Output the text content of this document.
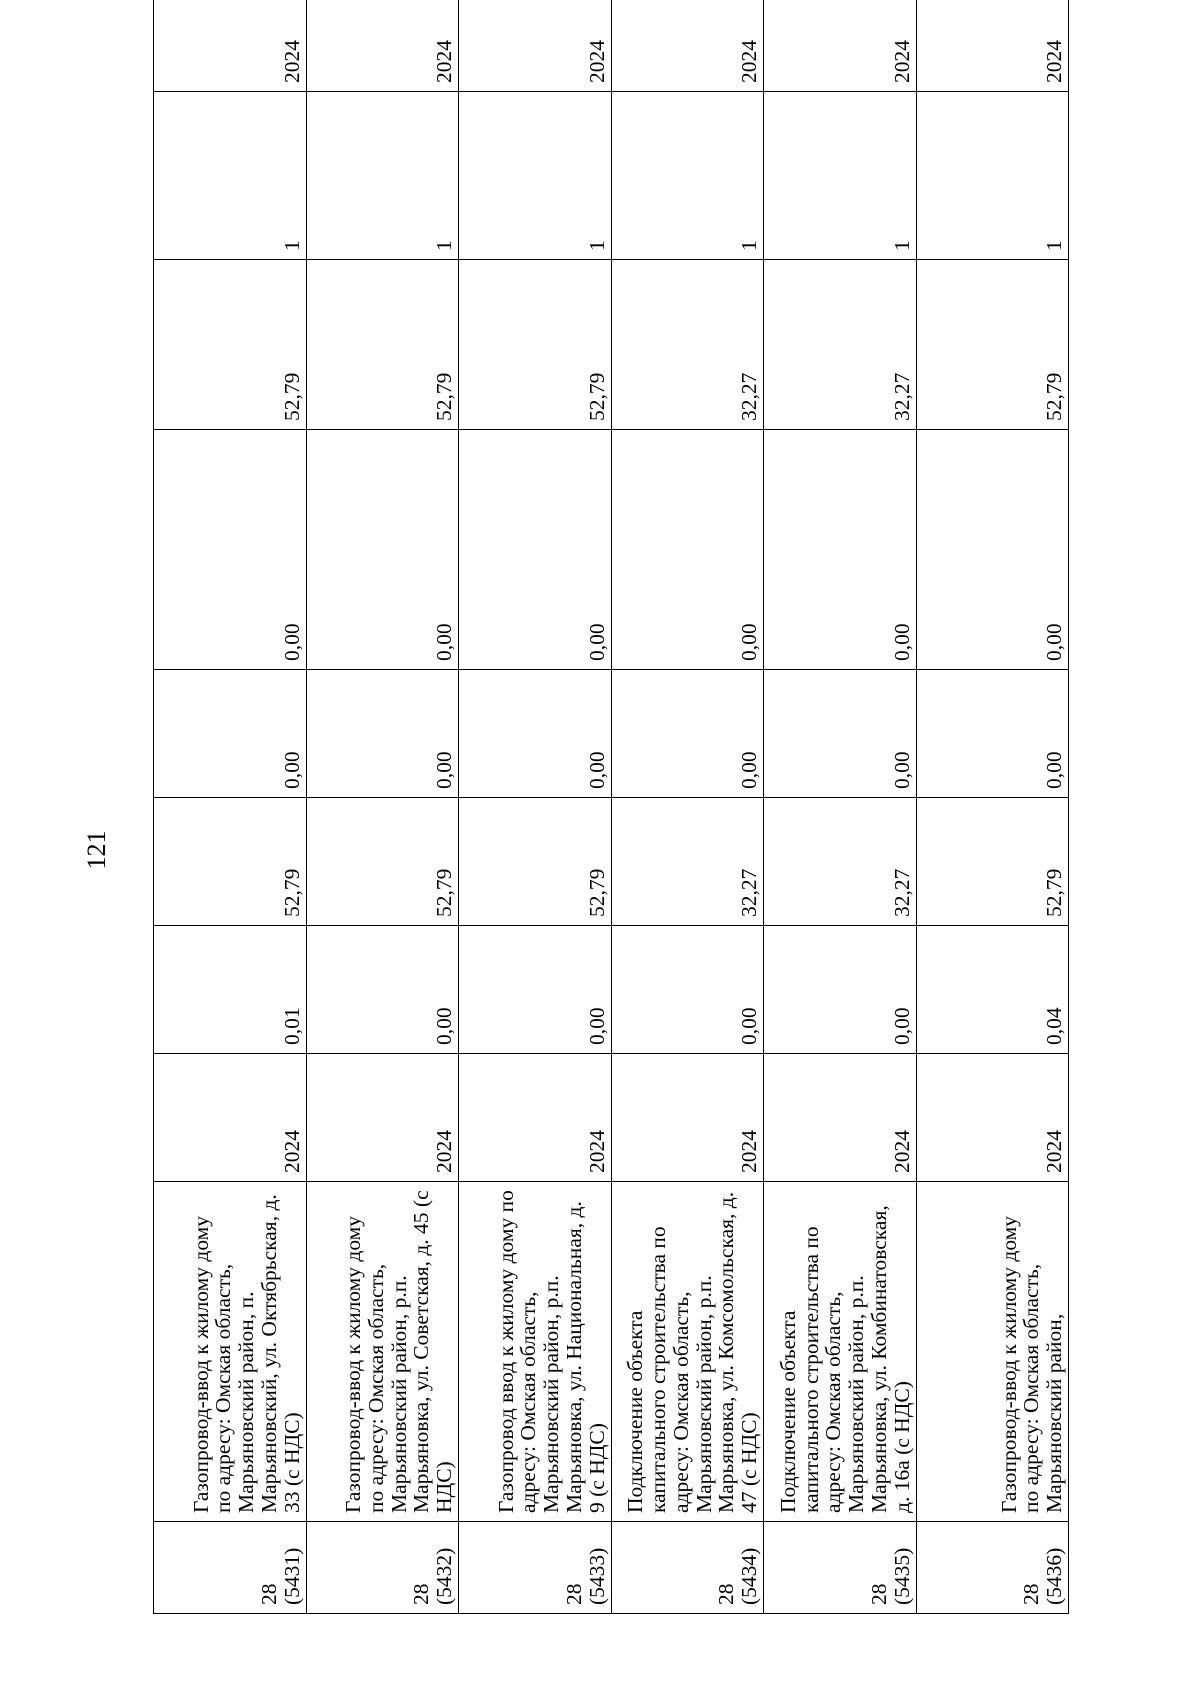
121
28
(5431)	Газопровод-ввод к жилому дому по адресу: Омская область, Марьяновский район, п. Марьяновский, ул. Октябрьская, д. 33 (с НДС)	2024	0,01	52,79	0,00	0,00	52,79	1	2024	

28
(5432)	Газопровод-ввод к жилому дому по адресу: Омская область, Марьяновский район, р.п. Марьяновка, ул. Советская, д. 45 (с НДС)	2024	0,00	52,79	0,00	0,00	52,79	1	2024	

28
(5433)	Газопровод ввод к жилому дому по адресу: Омская область, Марьяновский район, р.п. Марьяновка, ул. Национальная, д. 9 (с НДС)	2024	0,00	52,79	0,00	0,00	52,79	1	2024	

28
(5434)	Подключение объекта капитального строительства по адресу: Омская область, Марьяновский район, р.п. Марьяновка, ул. Комсомольская, д. 47 (с НДС)	2024	0,00	32,27	0,00	0,00	32,27	1	2024	

28
(5435)	Подключение объекта капитального строительства по адресу: Омская область, Марьяновский район, р.п. Марьяновка, ул. Комбинатовская, д. 16а (с НДС)	2024	0,00	32,27	0,00	0,00	32,27	1	2024	

28
(5436)	Газопровод-ввод к жилому дому по адресу: Омская область, Марьяновский район,	2024	0,04	52,79	0,00	0,00	52,79	1	2024	
